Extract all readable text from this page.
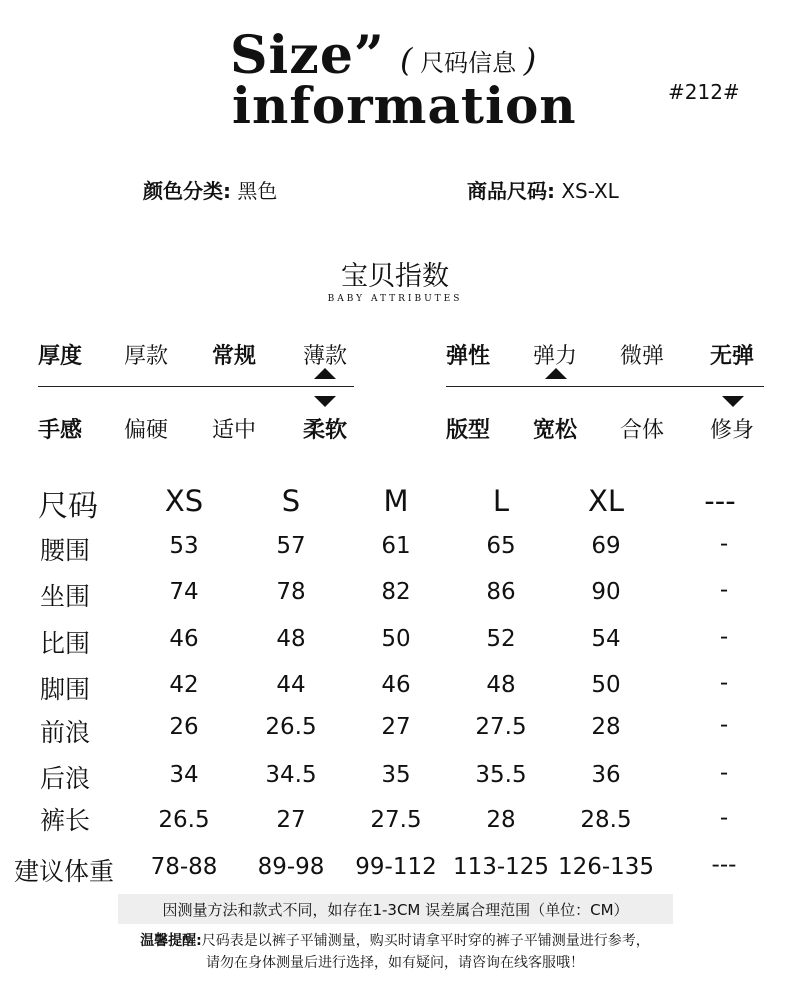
Size”
information
( 尺码信息 )
#212#
颜色分类: 黑色	商品尺码: XS-XL
宝贝指数
BABY ATTRIBUTES
厚度 厚款 常规 薄款	弹性 弹力 微弹 无弹
手感 偏硬 适中 柔软	版型 宽松 合体 修身
尺码	XS	S	M	L	XL	---
腰围	53	57	61	65	69	-
坐围	74	78	82	86	90	-
比围	46	48	50	52	54	-
脚围	42	44	46	48	50	-
前浪	26	26.5	27	27.5	28	-
后浪	34	34.5	35	35.5	36	-
裤长	26.5	27	27.5	28	28.5	-
建议体重	78-88	89-98	99-112 113-125 126-135	---
因测量方法和款式不同，如存在1-3CM 误差属合理范围（单位：CM）
温馨提醒:尺码表是以裤子平铺测量，购买时请拿平时穿的裤子平铺测量进行参考，
请勿在身体测量后进行选择，如有疑问，请咨询在线客服哦！
